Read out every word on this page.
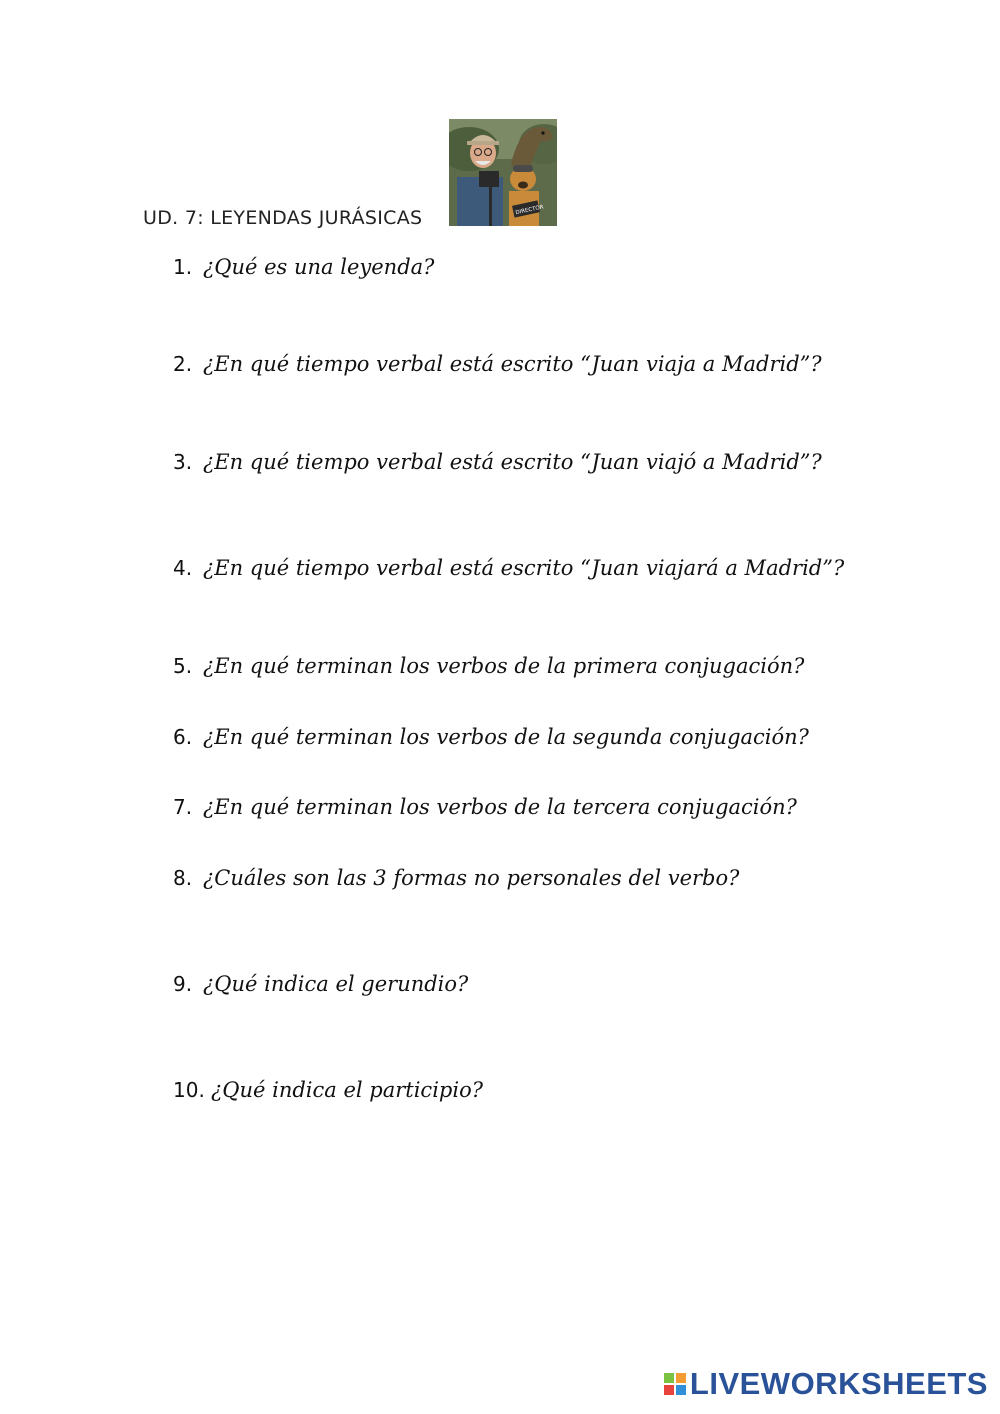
UD. 7: LEYENDAS JURÁSICAS	DIRECTOR
1. ¿Qué es una leyenda?
2. ¿En qué tiempo verbal está escrito “Juan viaja a Madrid”?
3. ¿En qué tiempo verbal está escrito “Juan viajó a Madrid”?
4. ¿En qué tiempo verbal está escrito “Juan viajará a Madrid”?
5. ¿En qué terminan los verbos de la primera conjugación?
6. ¿En qué terminan los verbos de la segunda conjugación?
7. ¿En qué terminan los verbos de la tercera conjugación?
8. ¿Cuáles son las 3 formas no personales del verbo?
9. ¿Qué indica el gerundio?
10. ¿Qué indica el participio?
LIVEWORKSHEETS
